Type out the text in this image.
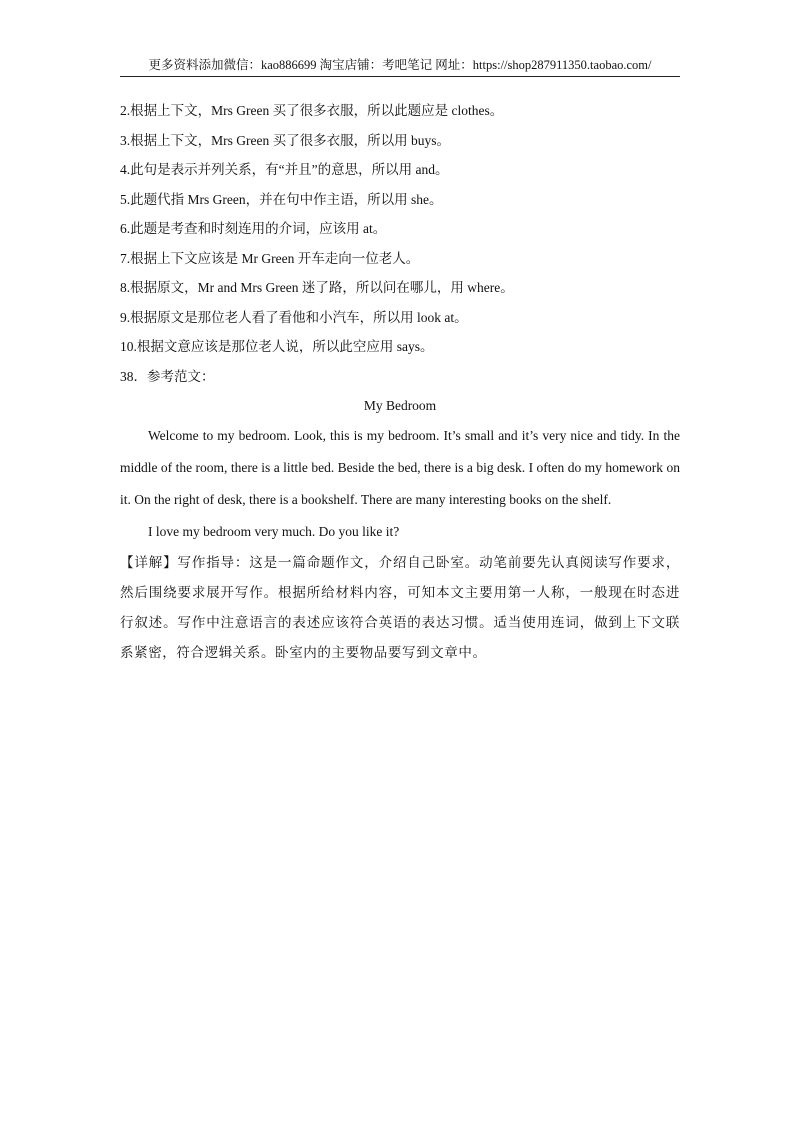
更多资料添加微信：kao886699 淘宝店铺：考吧笔记 网址：https://shop287911350.taobao.com/
2.根据上下文，Mrs Green 买了很多衣服，所以此题应是 clothes。
3.根据上下文，Mrs Green 买了很多衣服，所以用 buys。
4.此句是表示并列关系，有“并且”的意思，所以用 and。
5.此题代指 Mrs Green，并在句中作主语，所以用 she。
6.此题是考查和时刻连用的介词，应该用 at。
7.根据上下文应该是 Mr Green 开车走向一位老人。
8.根据原文，Mr and Mrs Green 迷了路，所以问在哪儿，用 where。
9.根据原文是那位老人看了看他和小汽车，所以用 look at。
10.根据文意应该是那位老人说，所以此空应用 says。
38．参考范文：
My Bedroom

Welcome to my bedroom. Look, this is my bedroom. It’s small and it’s very nice and tidy. In the middle of the room, there is a little bed. Beside the bed, there is a big desk. I often do my homework on it. On the right of desk, there is a bookshelf. There are many interesting books on the shelf.

I love my bedroom very much. Do you like it?

【详解】写作指导：这是一篇命题作文，介绍自己卧室。动笔前要先认真阅读写作要求，然后围绕要求展开写作。根据所给材料内容，可知本文主要用第一人称，一般现在时态进行叙述。写作中注意语言的表述应该符合英语的表达习惯。适当使用连词，做到上下文联系紧密，符合逻辑关系。卧室内的主要物品要写到文章中。
